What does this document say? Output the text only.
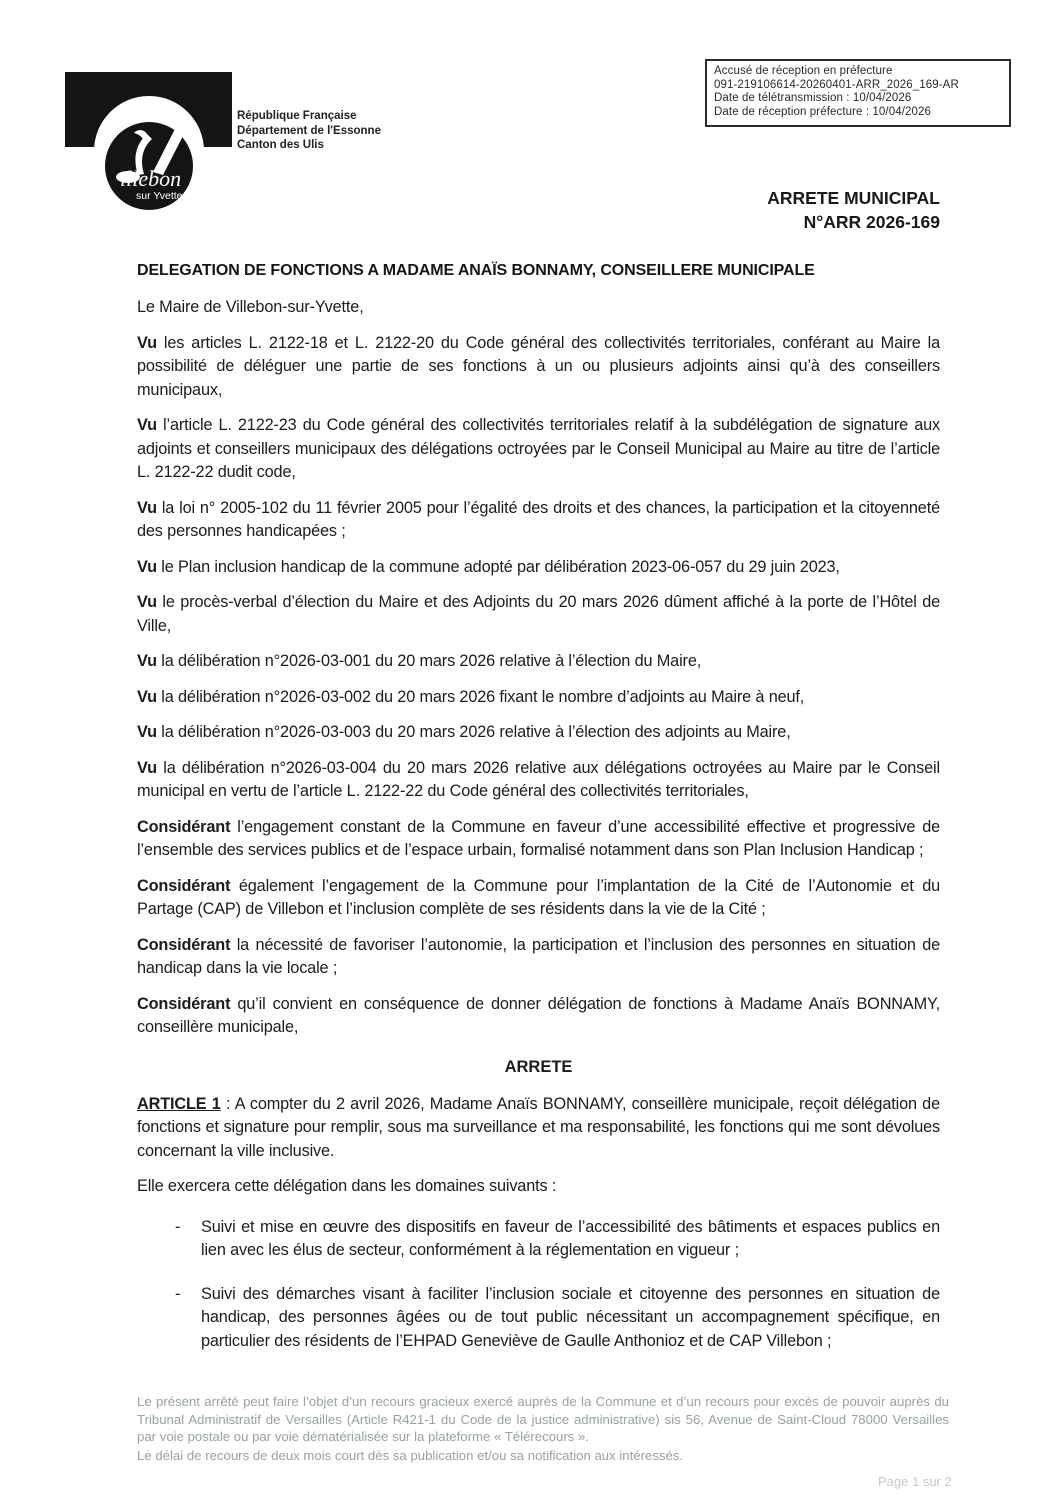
Accusé de réception en préfecture
091-219106614-20260401-ARR_2026_169-AR
Date de télétransmission : 10/04/2026
Date de réception préfecture : 10/04/2026
illebon
sur Yvette
République Française
Département de l'Essonne
Canton des Ulis
ARRETE MUNICIPAL
N°ARR 2026-169
DELEGATION DE FONCTIONS A MADAME ANAÏS BONNAMY, CONSEILLERE MUNICIPALE

Le Maire de Villebon-sur-Yvette,

Vu les articles L. 2122-18 et L. 2122-20 du Code général des collectivités territoriales, conférant au Maire la possibilité de déléguer une partie de ses fonctions à un ou plusieurs adjoints ainsi qu’à des conseillers municipaux,

Vu l’article L. 2122-23 du Code général des collectivités territoriales relatif à la subdélégation de signature aux adjoints et conseillers municipaux des délégations octroyées par le Conseil Municipal au Maire au titre de l’article L. 2122-22 dudit code,

Vu la loi n° 2005-102 du 11 février 2005 pour l’égalité des droits et des chances, la participation et la citoyenneté des personnes handicapées ;

Vu le Plan inclusion handicap de la commune adopté par délibération 2023-06-057 du 29 juin 2023,

Vu le procès-verbal d’élection du Maire et des Adjoints du 20 mars 2026 dûment affiché à la porte de l’Hôtel de Ville,

Vu la délibération n°2026-03-001 du 20 mars 2026 relative à l’élection du Maire,

Vu la délibération n°2026-03-002 du 20 mars 2026 fixant le nombre d’adjoints au Maire à neuf,

Vu la délibération n°2026-03-003 du 20 mars 2026 relative à l’élection des adjoints au Maire,

Vu la délibération n°2026-03-004 du 20 mars 2026 relative aux délégations octroyées au Maire par le Conseil municipal en vertu de l’article L. 2122-22 du Code général des collectivités territoriales,

Considérant l’engagement constant de la Commune en faveur d’une accessibilité effective et progressive de l’ensemble des services publics et de l’espace urbain, formalisé notamment dans son Plan Inclusion Handicap ;

Considérant également l’engagement de la Commune pour l’implantation de la Cité de l’Autonomie et du Partage (CAP) de Villebon et l’inclusion complète de ses résidents dans la vie de la Cité ;

Considérant la nécessité de favoriser l’autonomie, la participation et l’inclusion des personnes en situation de handicap dans la vie locale ;

Considérant qu’il convient en conséquence de donner délégation de fonctions à Madame Anaïs BONNAMY, conseillère municipale,

ARRETE

ARTICLE 1 : A compter du 2 avril 2026, Madame Anaïs BONNAMY, conseillère municipale, reçoit délégation de fonctions et signature pour remplir, sous ma surveillance et ma responsabilité, les fonctions qui me sont dévolues concernant la ville inclusive.

Elle exercera cette délégation dans les domaines suivants :

-	Suivi et mise en œuvre des dispositifs en faveur de l’accessibilité des bâtiments et espaces publics en lien avec les élus de secteur, conformément à la réglementation en vigueur ;
-	Suivi des démarches visant à faciliter l’inclusion sociale et citoyenne des personnes en situation de handicap, des personnes âgées ou de tout public nécessitant un accompagnement spécifique, en particulier des résidents de l’EHPAD Geneviève de Gaulle Anthonioz et de CAP Villebon ;
Le présent arrêté peut faire l’objet d’un recours gracieux exercé auprès de la Commune et d’un recours pour excès de pouvoir auprès du Tribunal Administratif de Versailles (Article R421-1 du Code de la justice administrative) sis 56, Avenue de Saint-Cloud 78000 Versailles par voie postale ou par voie dématérialisée sur la plateforme « Télérecours ».
Le délai de recours de deux mois court dès sa publication et/ou sa notification aux intéressés.
Page 1 sur 2
